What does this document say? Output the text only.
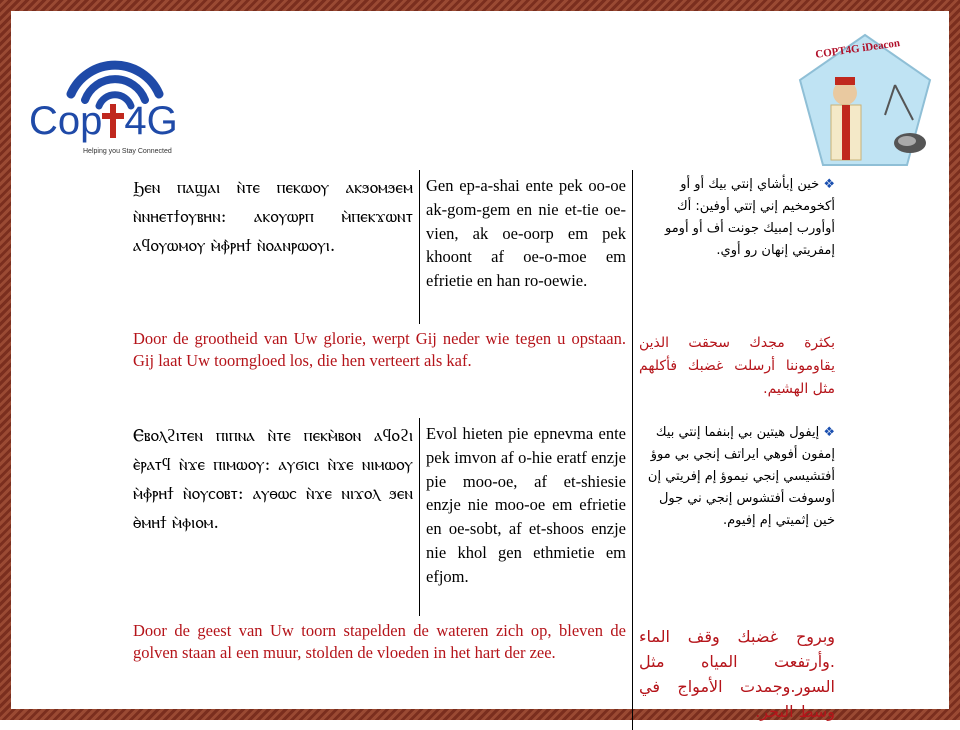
Cop 4G
Helping you Stay Connected
COPT4G iDeacon
Ϧⲉⲛ ⲡⲁϣⲁⲓ ⲛ̀ⲧⲉ ⲡⲉⲕⲱⲟⲩ ⲁⲕϧⲟⲙϧⲉⲙ ⲛ̀ⲛⲏⲉⲧϯⲟⲩⲃⲏⲛ: ⲁⲕⲟⲩⲱⲣⲡ ⲙ̀ⲡⲉⲕϫⲱⲛⲧ ⲁϥⲟⲩⲱⲙⲟⲩ ⲙ̀ⲫ̀ⲣⲏϯ ⲛ̀ⲟⲁⲛⲣⲱⲟⲩⲓ.	Gen ep-a-shai ente pek oo-oe ak-gom-gem en nie et-tie oe-vien, ak oe-oorp em pek khoont af oe-o-moe em efrietie en han ro-oewie.	❖ خين إبأشاي إنتي بيك أو أو أكخومخيم إني إتتي أوفين: أك أوأورب إمبيك جونت أف أو أومو إمفريتي إنهان رو أوي.
Door de grootheid van Uw glorie, werpt Gij neder wie tegen u opstaan. Gij laat Uw toorngloed los, die hen verteert als kaf.		بكثرة مجدك سحقت الذين يقاوموننا أرسلت غضبك فأكلهم مثل الهشيم.
Ⲉⲃⲟⲗϩⲓⲧⲉⲛ ⲡⲓⲡⲛⲁ ⲛ̀ⲧⲉ ⲡⲉⲕⲙ̀ⲃⲟⲛ ⲁϥⲟϩⲓ ⲉ̀ⲣⲁⲧϥ ⲛ̀ϫⲉ ⲡⲓⲙⲱⲟⲩ: ⲁⲩϭⲓⲥⲓ ⲛ̀ϫⲉ ⲛⲓⲙⲱⲟⲩ ⲙ̀ⲫ̀ⲣⲏϯ ⲛ̀ⲟⲩⲥⲟⲃⲧ: ⲁⲩⲑⲱⲥ ⲛ̀ϫⲉ ⲛⲓϫⲟⲗ ϧⲉⲛ ⲑ̀ⲙⲏϯ ⲙ̀ⲫⲓⲟⲙ.	Evol hieten pie epnevma ente pek imvon af o-hie eratf enzje pie moo-oe, af et-shiesie enzje nie moo-oe em efrietie en oe-sobt, af et-shoos enzje nie khol gen ethmietie em efjom.	❖ إيفول هيتين بي إبنفما إنتي بيك إمفون أفوهي ايراتف إنجي بي موؤ أفتشيسي إنجي نيموؤ إم إفريتي إن أوسوفت أفتشوس إنجي ني جول خين إثميتي إم إفيوم.
Door de geest van Uw toorn stapelden de wateren zich op, bleven de golven staan al een muur, stolden de vloeden in het hart der zee.		وبروح غضبك وقف الماء .وأرتفعت المياه مثل السور.وجمدت الأمواج في وسط البحر.
